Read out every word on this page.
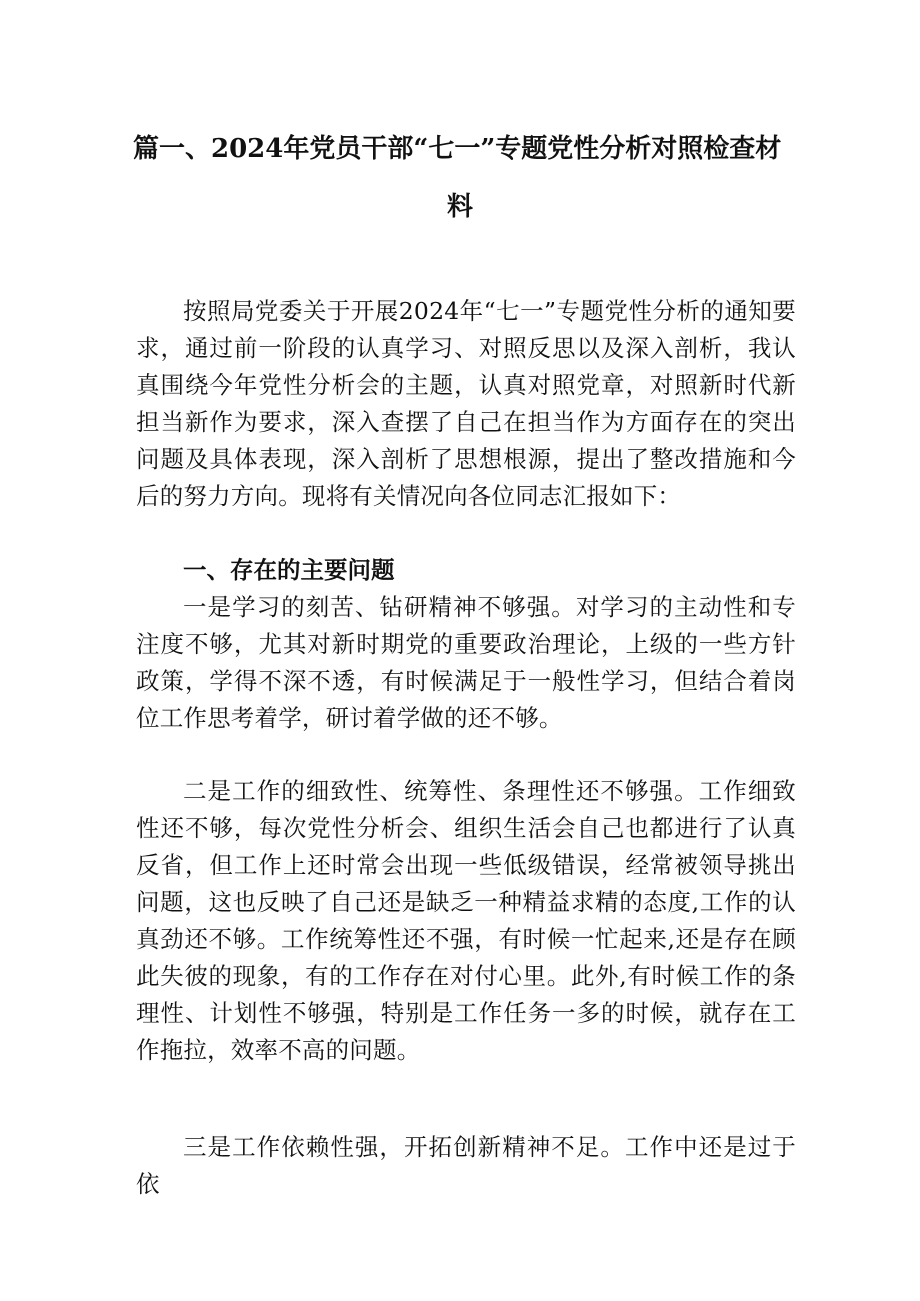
篇一、2024年党员干部“七一”专题党性分析对照检查材
料

按照局党委关于开展2024年“七一”专题党性分析的通知要求，通过前一阶段的认真学习、对照反思以及深入剖析，我认真围绕今年党性分析会的主题，认真对照党章，对照新时代新担当新作为要求，深入查摆了自己在担当作为方面存在的突出问题及具体表现，深入剖析了思想根源，提出了整改措施和今后的努力方向。现将有关情况向各位同志汇报如下：

一、存在的主要问题

一是学习的刻苦、钻研精神不够强。对学习的主动性和专注度不够，尤其对新时期党的重要政治理论，上级的一些方针政策，学得不深不透，有时候满足于一般性学习，但结合着岗位工作思考着学，研讨着学做的还不够。

二是工作的细致性、统筹性、条理性还不够强。工作细致性还不够，每次党性分析会、组织生活会自己也都进行了认真反省，但工作上还时常会出现一些低级错误，经常被领导挑出问题，这也反映了自己还是缺乏一种精益求精的态度,工作的认真劲还不够。工作统筹性还不强，有时候一忙起来,还是存在顾此失彼的现象，有的工作存在对付心里。此外,有时候工作的条理性、计划性不够强，特别是工作任务一多的时候，就存在工作拖拉，效率不高的问题。

三是工作依赖性强，开拓创新精神不足。工作中还是过于依
